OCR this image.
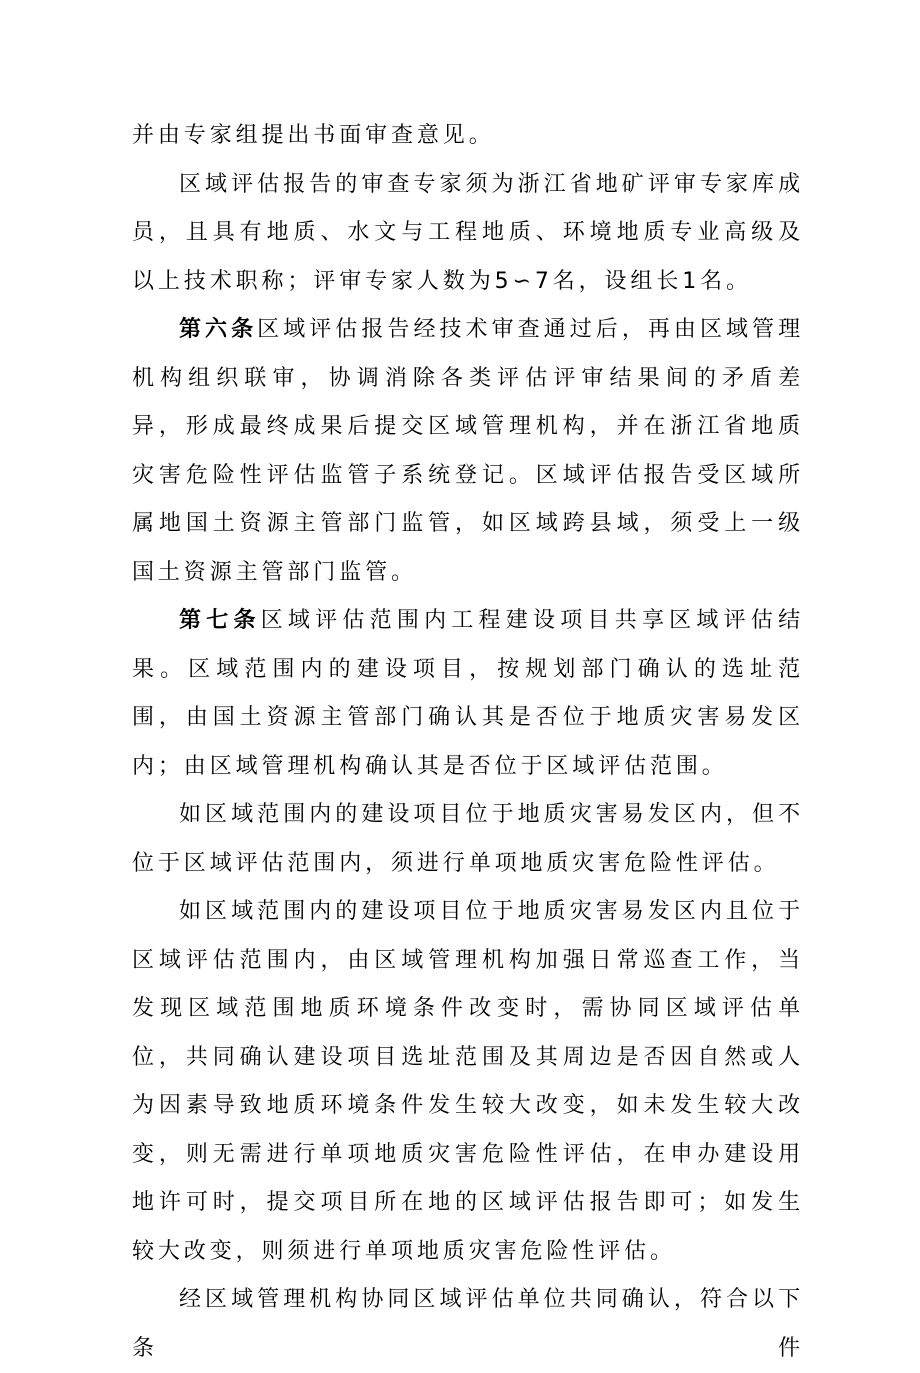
并由专家组提出书面审查意见。

区域评估报告的审查专家须为浙江省地矿评审专家库成员，且具有地质、水文与工程地质、环境地质专业高级及以上技术职称；评审专家人数为5∽7名，设组长1名。

第六条区域评估报告经技术审查通过后，再由区域管理机构组织联审，协调消除各类评估评审结果间的矛盾差异，形成最终成果后提交区域管理机构，并在浙江省地质灾害危险性评估监管子系统登记。区域评估报告受区域所属地国土资源主管部门监管，如区域跨县域，须受上一级国土资源主管部门监管。

第七条区域评估范围内工程建设项目共享区域评估结果。区域范围内的建设项目，按规划部门确认的选址范围，由国土资源主管部门确认其是否位于地质灾害易发区内；由区域管理机构确认其是否位于区域评估范围。

如区域范围内的建设项目位于地质灾害易发区内，但不位于区域评估范围内，须进行单项地质灾害危险性评估。

如区域范围内的建设项目位于地质灾害易发区内且位于区域评估范围内，由区域管理机构加强日常巡查工作，当发现区域范围地质环境条件改变时，需协同区域评估单位，共同确认建设项目选址范围及其周边是否因自然或人为因素导致地质环境条件发生较大改变，如未发生较大改变，则无需进行单项地质灾害危险性评估，在申办建设用地许可时，提交项目所在地的区域评估报告即可；如发生较大改变，则须进行单项地质灾害危险性评估。

经区域管理机构协同区域评估单位共同确认，符合以下条件
